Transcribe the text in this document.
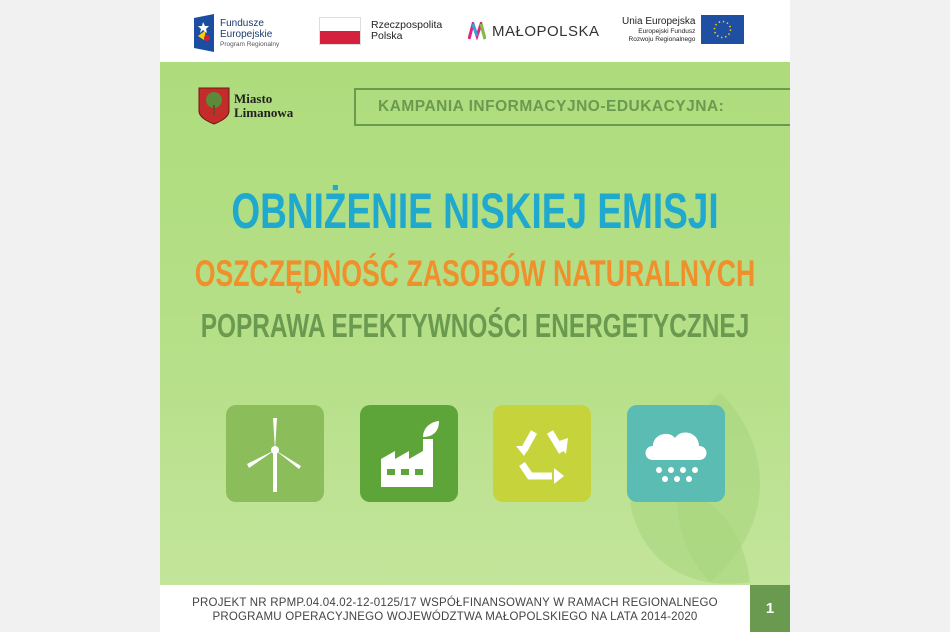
Fundusze
Europejskie
Program Regionalny
Rzeczpospolita
Polska	MAŁOPOLSKA
Unia Europejska
Europejski Fundusz
Rozwoju Regionalnego
Miasto
Limanowa	KAMPANIA INFORMACYJNO-EDUKACYJNA:
OBNIŻENIE NISKIEJ EMISJI
OSZCZĘDNOŚĆ ZASOBÓW NATURALNYCH
POPRAWA EFEKTYWNOŚCI ENERGETYCZNEJ
PROJEKT NR RPMP.04.04.02-12-0125/17 WSPÓŁFINANSOWANY W RAMACH REGIONALNEGO
PROGRAMU OPERACYJNEGO WOJEWÓDZTWA MAŁOPOLSKIEGO NA LATA 2014-2020	1
